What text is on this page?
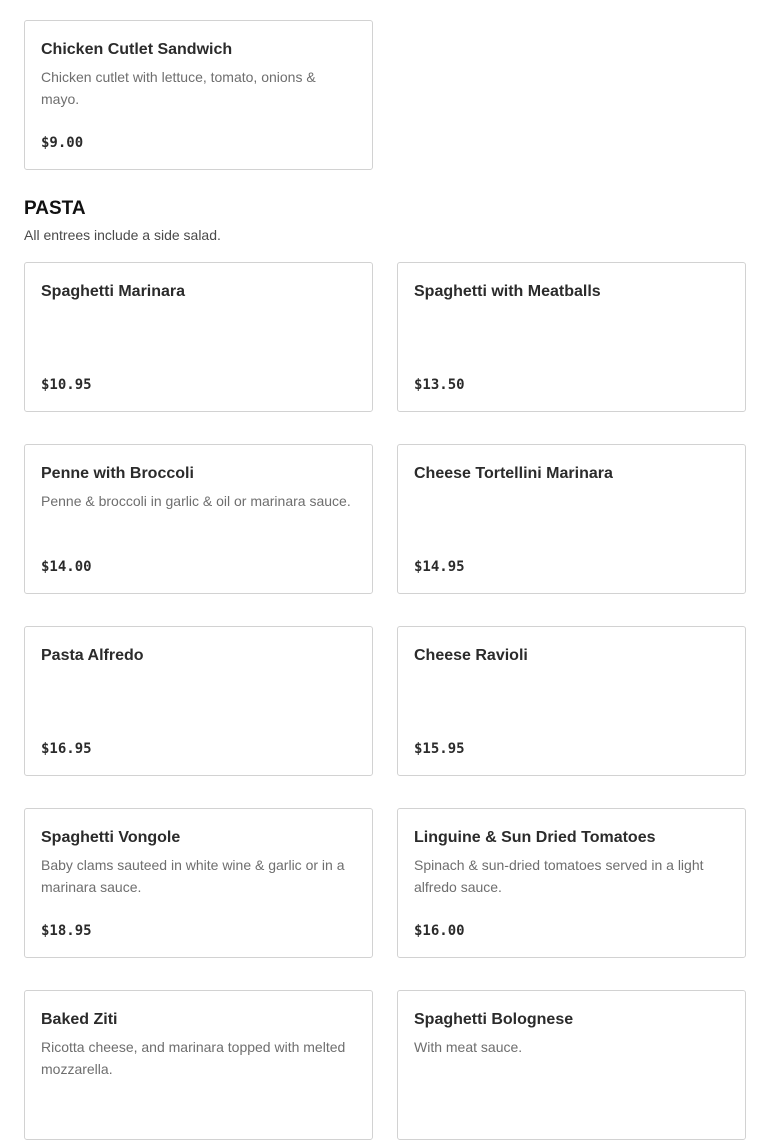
Chicken Cutlet Sandwich

Chicken cutlet with lettuce, tomato, onions & mayo.

$9.00
PASTA

All entrees include a side salad.

Spaghetti Marinara

$10.95

Spaghetti with Meatballs

$13.50

Penne with Broccoli

Penne & broccoli in garlic & oil or marinara sauce.

$14.00

Cheese Tortellini Marinara

$14.95

Pasta Alfredo

$16.95

Cheese Ravioli

$15.95

Spaghetti Vongole

Baby clams sauteed in white wine & garlic or in a marinara sauce.

$18.95

Linguine & Sun Dried Tomatoes

Spinach & sun-dried tomatoes served in a light alfredo sauce.

$16.00

Baked Ziti

Ricotta cheese, and marinara topped with melted mozzarella.

Spaghetti Bolognese

With meat sauce.
